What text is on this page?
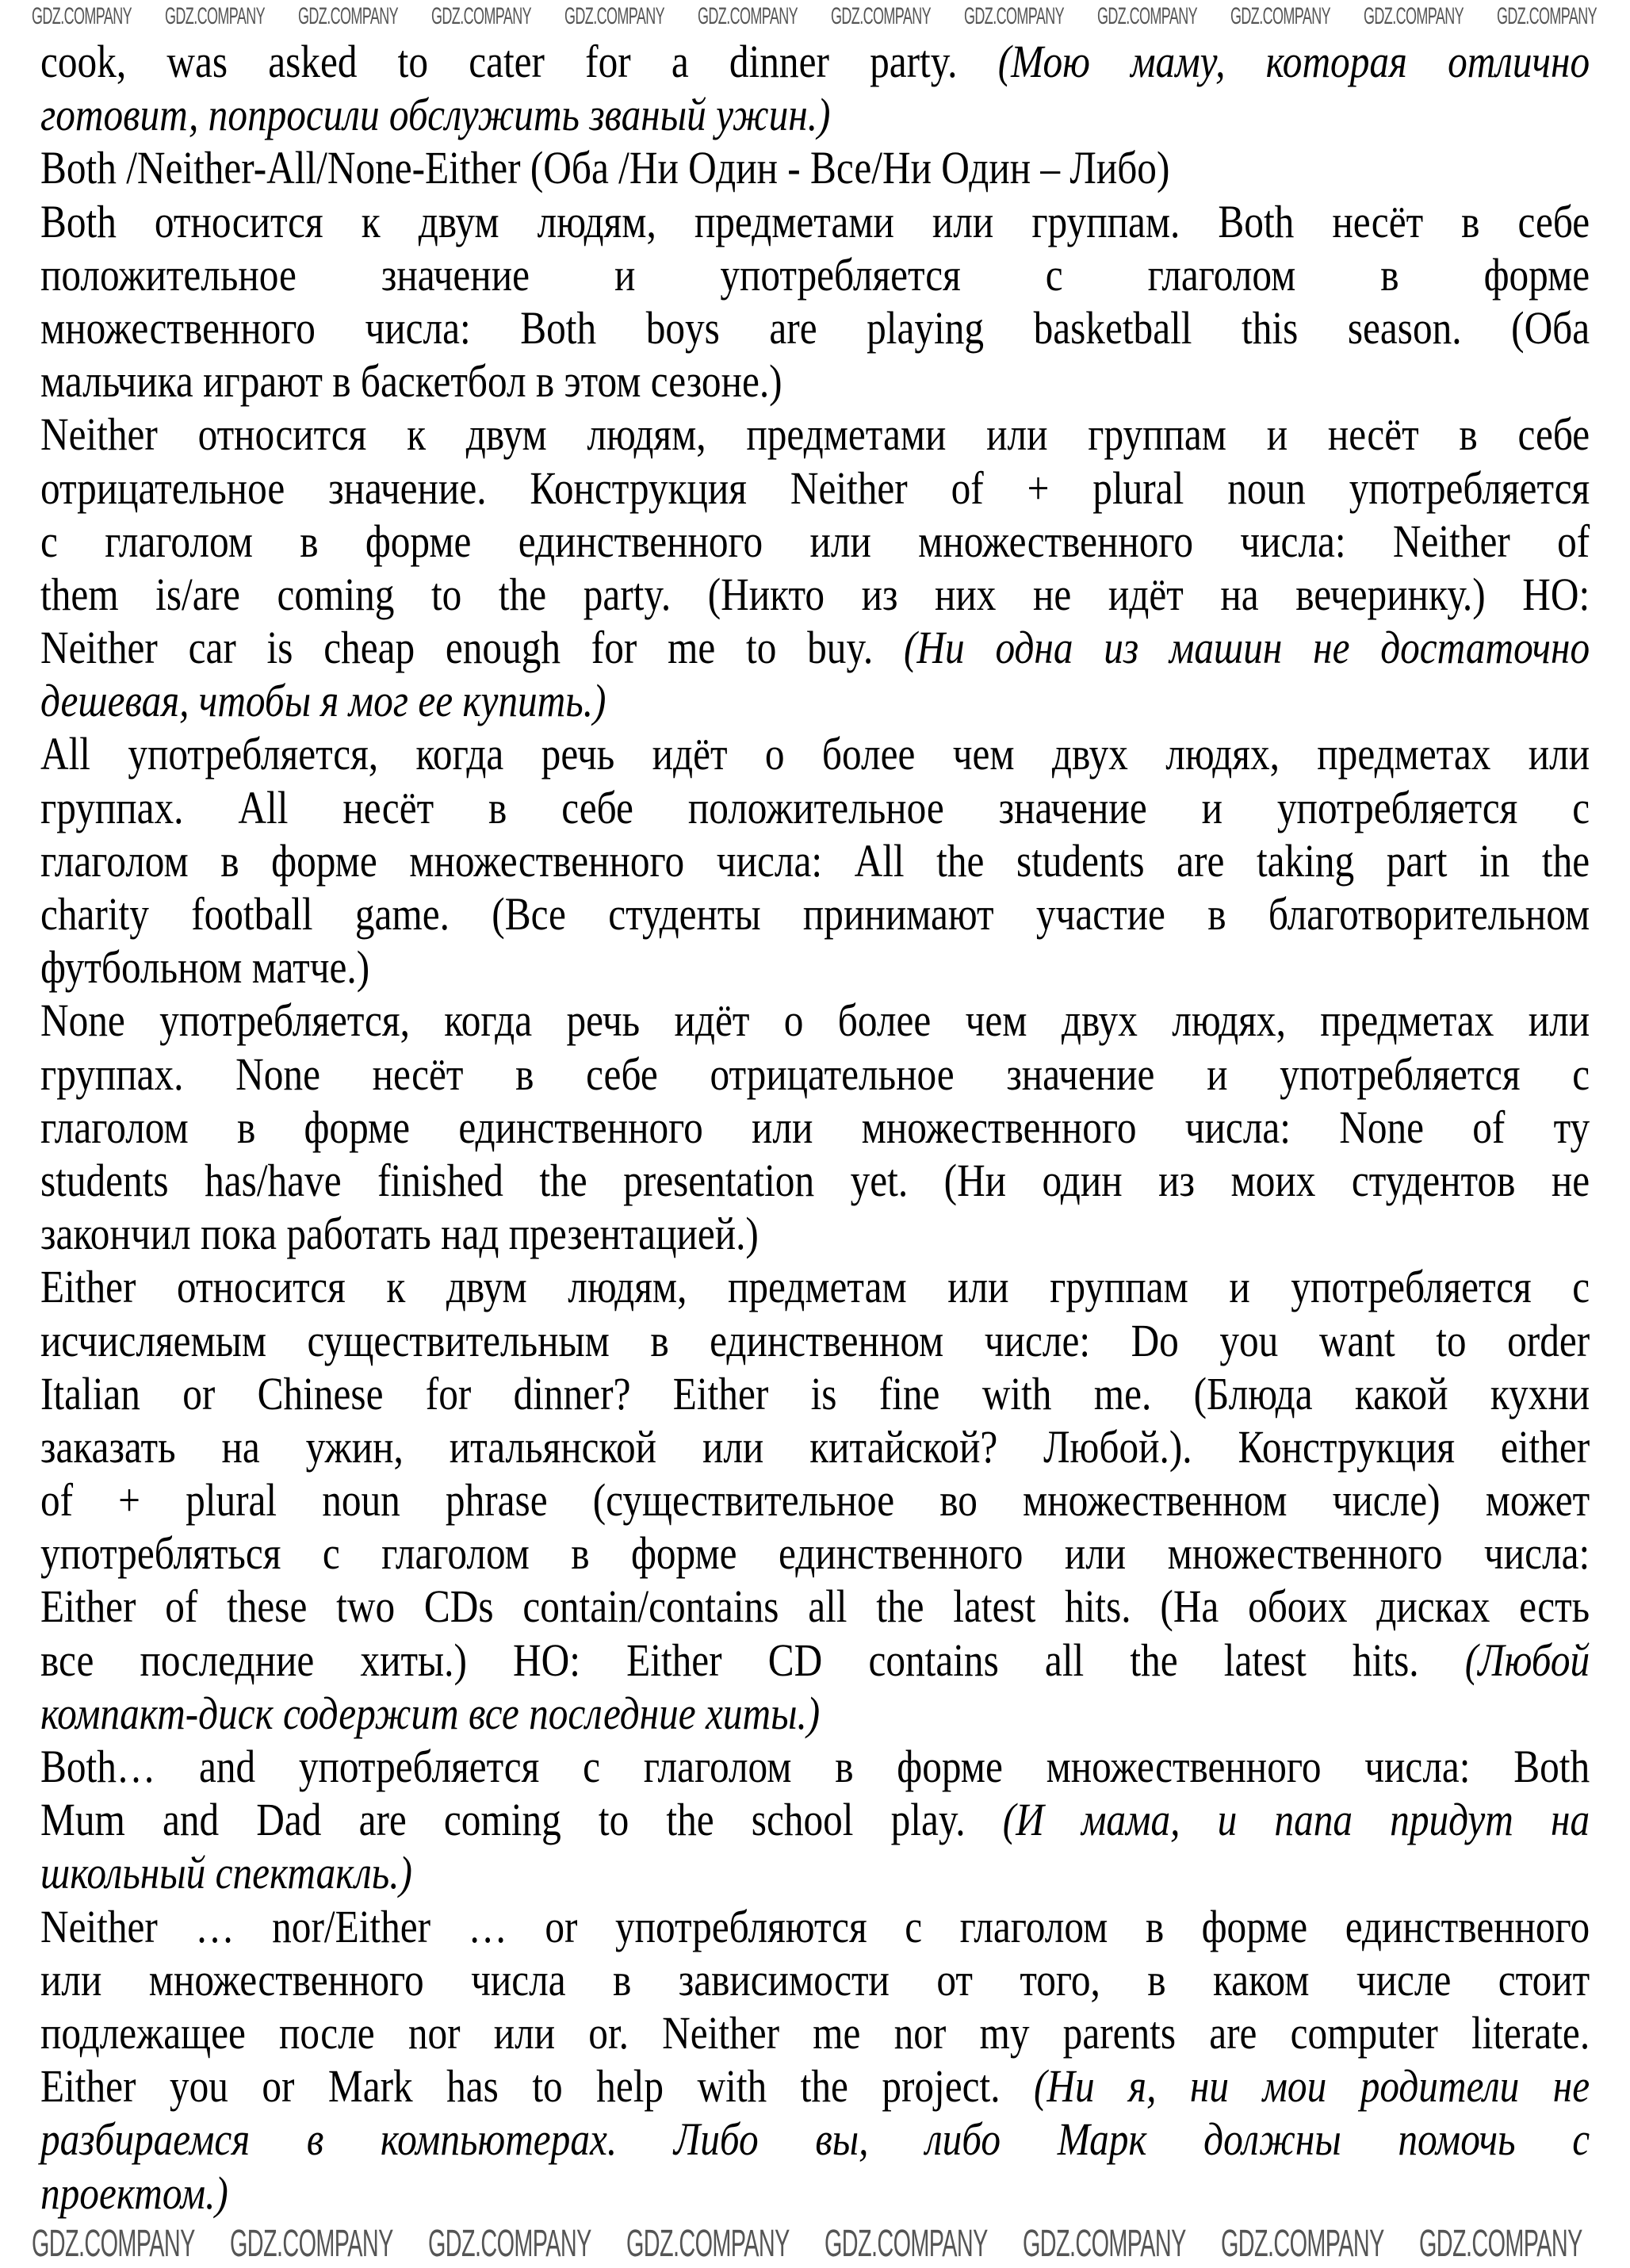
cook, was asked to cater for a dinner party. (Мою маму, которая отлично
готовит, попросили обслужить званый ужин.)
Both /Neither-All/None-Either (Оба /Ни Один - Все/Ни Один – Либо)
Both относится к двум людям, предметами или группам. Both несёт в себе
положительное значение и употребляется с глаголом в форме
множественного числа: Both boys are playing basketball this season. (Оба
мальчика играют в баскетбол в этом сезоне.)
Neither относится к двум людям, предметами или группам и несёт в себе
отрицательное значение. Конструкция Neither of + plural noun употребляется
с глаголом в форме единственного или множественного числа: Neither of
them is/are coming to the party. (Никто из них не идёт на вечеринку.) НО:
Neither car is cheap enough for me to buy. (Ни одна из машин не достаточно
дешевая, чтобы я мог ее купить.)
All употребляется, когда речь идёт о более чем двух людях, предметах или
группах. All несёт в себе положительное значение и употребляется с
глаголом в форме множественного числа: All the students are taking part in the
charity football game. (Все студенты принимают участие в благотворительном
футбольном матче.)
None употребляется, когда речь идёт о более чем двух людях, предметах или
группах. None несёт в себе отрицательное значение и употребляется с
глаголом в форме единственного или множественного числа: None of ту
students has/have finished the presentation yet. (Ни один из моих студентов не
закончил пока работать над презентацией.)
Either относится к двум людям, предметам или группам и употребляется с
исчисляемым существительным в единственном числе: Do you want to order
Italian or Chinese for dinner? Either is fine with me. (Блюда какой кухни
заказать на ужин, итальянской или китайской? Любой.). Конструкция either
of + plural noun phrase (существительное во множественном числе) может
употребляться с глаголом в форме единственного или множественного числа:
Either of these two CDs contain/contains all the latest hits. (На обоих дисках есть
все последние хиты.) НО: Either CD contains all the latest hits. (Любой
компакт-диск содержит все последние хиты.)
Both… and употребляется с глаголом в форме множественного числа: Both
Mum and Dad are coming to the school play. (И мама, и папа придут на
школьный спектакль.)
Neither … nor/Either … or употребляются с глаголом в форме единственного
или множественного числа в зависимости от того, в каком числе стоит
подлежащее после nor или or. Neither me nor my parents are computer literate.
Either you or Mark has to help with the project. (Ни я, ни мои родители не
разбираемся в компьютерах. Либо вы, либо Марк должны помочь с
проектом.)
GDZ.COMPANY GDZ.COMPANY GDZ.COMPANY GDZ.COMPANY GDZ.COMPANY GDZ.COMPANY GDZ.COMPANY GDZ.COMPANY GDZ.COMPANY GDZ.COMPANY GDZ.COMPANY GDZ.COMPANY
GDZ.COMPANY GDZ.COMPANY GDZ.COMPANY GDZ.COMPANY GDZ.COMPANY GDZ.COMPANY GDZ.COMPANY GDZ.COMPANY
